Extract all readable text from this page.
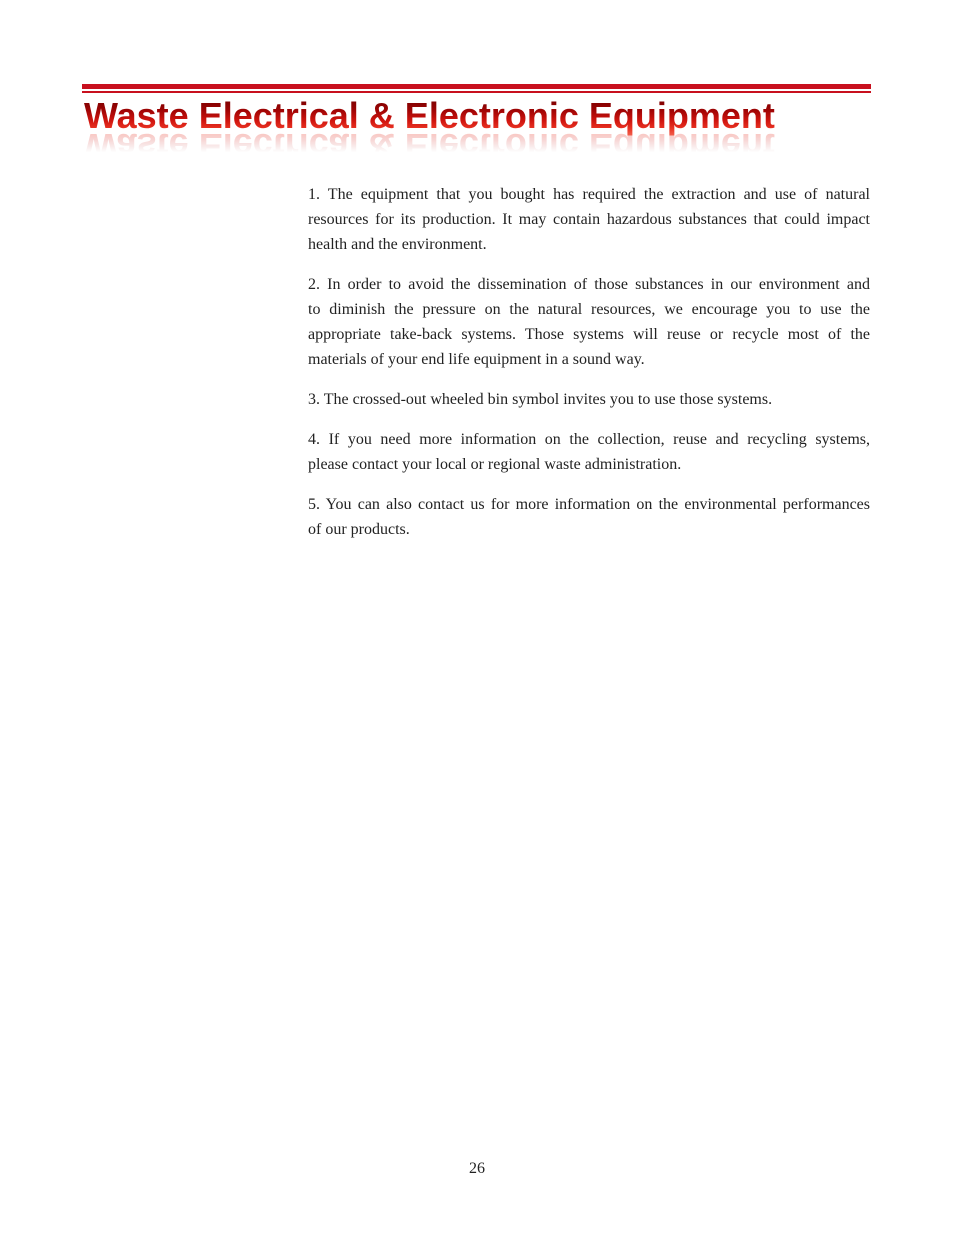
Waste Electrical & Electronic Equipment

1. The equipment that you bought has required the extraction and use of natural
resources for its production. It may contain hazardous substances that could impact
health and the environment.

2. In order to avoid the dissemination of those substances in our environment and
to diminish the pressure on the natural resources, we encourage you to use the
appropriate take-back systems. Those systems will reuse or recycle most of the
materials of your end life equipment in a sound way.

3. The crossed-out wheeled bin symbol invites you to use those systems.

4. If you need more information on the collection, reuse and recycling systems,
please contact your local or regional waste administration.

5. You can also contact us for more information on the environmental performances
of our products.

26
